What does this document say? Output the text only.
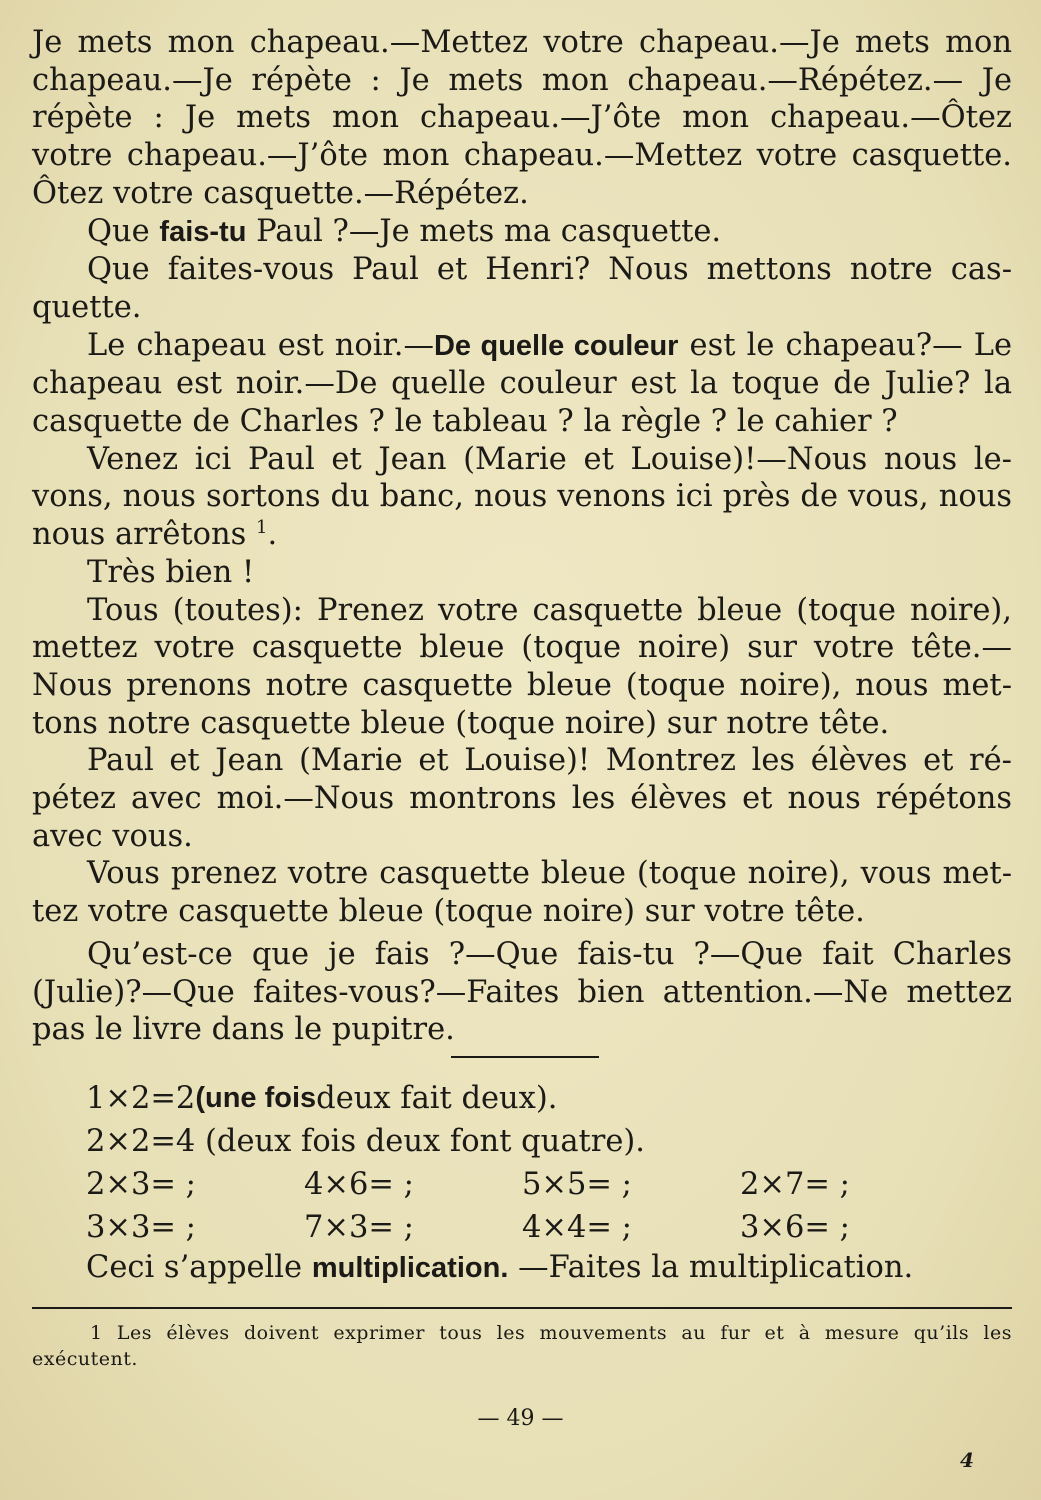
Je mets mon chapeau.—Mettez votre chapeau.—Je mets mon chapeau.—Je répète : Je mets mon chapeau.—Répétez.— Je répète : Je mets mon chapeau.—J’ôte mon chapeau.—Ôtez votre chapeau.—J’ôte mon chapeau.—Mettez votre casquette. Ôtez votre casquette.—Répétez.

Que fais-tu Paul ?—Je mets ma casquette.

Que faites-vous Paul et Henri? Nous mettons notre cas-quette.

Le chapeau est noir.—De quelle couleur est le chapeau?— Le chapeau est noir.—De quelle couleur est la toque de Julie? la casquette de Charles ? le tableau ? la règle ? le cahier ?

Venez ici Paul et Jean (Marie et Louise)!—Nous nous le-vons, nous sortons du banc, nous venons ici près de vous, nous nous arrêtons $^1$.

Très bien !

Tous (toutes): Prenez votre casquette bleue (toque noire), mettez votre casquette bleue (toque noire) sur votre tête.— Nous prenons notre casquette bleue (toque noire), nous met-tons notre casquette bleue (toque noire) sur notre tête.

Paul et Jean (Marie et Louise)! Montrez les élèves et ré-pétez avec moi.—Nous montrons les élèves et nous répétons avec vous.

Vous prenez votre casquette bleue (toque noire), vous met-tez votre casquette bleue (toque noire) sur votre tête.

Qu’est-ce que je fais ?—Que fais-tu ?—Que fait Charles (Julie)?—Que faites-vous?—Faites bien attention.—Ne mettez pas le livre dans le pupitre.

1×2=2 (une fois deux fait deux).
2×2=4 (deux fois deux font quatre).
2×3= ;	4×6= ;	5×5= ;	2×7= ;
3×3= ;	7×3= ;	4×4= ;	3×6= ;
Ceci s’appelle multiplication. —Faites la multiplication.
1 Les élèves doivent exprimer tous les mouvements au fur et à mesure qu’ils les exécutent.
— 49 —
4
